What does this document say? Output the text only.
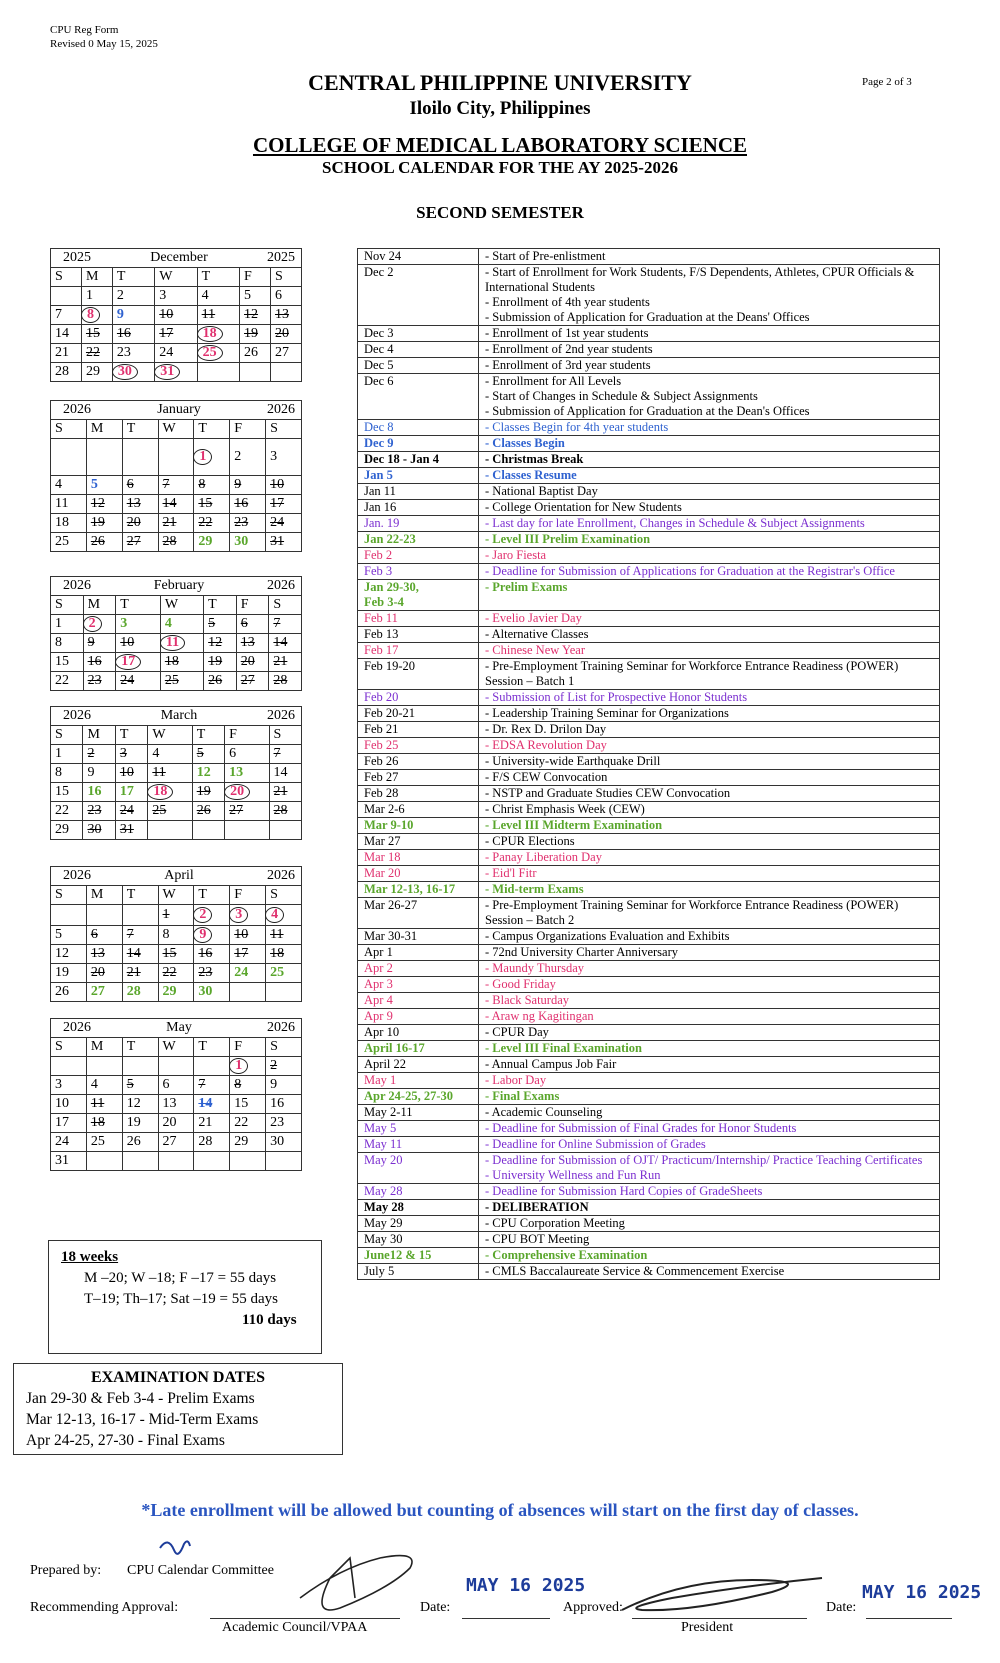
CPU Reg Form
Revised 0 May 15, 2025
Page 2 of 3
CENTRAL PHILIPPINE UNIVERSITY
Iloilo City, Philippines
COLLEGE OF MEDICAL LABORATORY SCIENCE
SCHOOL CALENDAR FOR THE AY 2025-2026
SECOND SEMESTER
2025 December 2025						

S	M	T	W	T	F	S
	1	2	3	4	5	6
7	8	9	10	11	12	13
14	15	16	17	18	19	20
21	22	23	24	25	26	27
28	29	30	31			
2026 January 2026						

S	M	T	W	T	F	S
				1	2	3
4	5	6	7	8	9	10
11	12	13	14	15	16	17
18	19	20	21	22	23	24
25	26	27	28	29	30	31
2026 February 2026						

S	M	T	W	T	F	S
1	2	3	4	5	6	7
8	9	10	11	12	13	14
15	16	17	18	19	20	21
22	23	24	25	26	27	28
2026 March 2026						

S	M	T	W	T	F	S
1	2	3	4	5	6	7
8	9	10	11	12	13	14
15	16	17	18	19	20	21
22	23	24	25	26	27	28
29	30	31				
2026 April 2026						

S	M	T	W	T	F	S
			1	2	3	4
5	6	7	8	9	10	11
12	13	14	15	16	17	18
19	20	21	22	23	24	25
26	27	28	29	30		
2026 May 2026						

S	M	T	W	T	F	S
					1	2
3	4	5	6	7	8	9
10	11	12	13	14	15	16
17	18	19	20	21	22	23
24	25	26	27	28	29	30
31						
Nov 24	- Start of Pre-enlistment
Dec 2	- Start of Enrollment for Work Students, F/S Dependents, Athletes, CPUR Officials & International Students
- Enrollment of 4th year students
- Submission of Application for Graduation at the Deans' Offices
Dec 3	- Enrollment of 1st year students
Dec 4	- Enrollment of 2nd year students
Dec 5	- Enrollment of 3rd year students
Dec 6	- Enrollment for All Levels
- Start of Changes in Schedule & Subject Assignments
- Submission of Application for Graduation at the Dean's Offices
Dec 8	- Classes Begin for 4th year students
Dec 9	- Classes Begin
Dec 18 - Jan 4	- Christmas Break
Jan 5	- Classes Resume
Jan 11	- National Baptist Day
Jan 16	- College Orientation for New Students
Jan. 19	- Last day for late Enrollment, Changes in Schedule & Subject Assignments
Jan 22-23	- Level III Prelim Examination
Feb 2	- Jaro Fiesta
Feb 3	- Deadline for Submission of Applications for Graduation at the Registrar's Office
Jan 29-30,
Feb 3-4	- Prelim Exams
Feb 11	- Evelio Javier Day
Feb 13	- Alternative Classes
Feb 17	- Chinese New Year
Feb 19-20	- Pre-Employment Training Seminar for Workforce Entrance Readiness (POWER) Session – Batch 1
Feb 20	- Submission of List for Prospective Honor Students
Feb 20-21	- Leadership Training Seminar for Organizations
Feb 21	- Dr. Rex D. Drilon Day
Feb 25	- EDSA Revolution Day
Feb 26	- University-wide Earthquake Drill
Feb 27	- F/S CEW Convocation
Feb 28	- NSTP and Graduate Studies CEW Convocation
Mar 2-6	- Christ Emphasis Week (CEW)
Mar 9-10	- Level III Midterm Examination
Mar 27	- CPUR Elections
Mar 18	- Panay Liberation Day
Mar 20	- Eid'l Fitr
Mar 12-13, 16-17	- Mid-term Exams
Mar 26-27	- Pre-Employment Training Seminar for Workforce Entrance Readiness (POWER) Session – Batch 2
Mar 30-31	- Campus Organizations Evaluation and Exhibits
Apr 1	- 72nd University Charter Anniversary
Apr 2	- Maundy Thursday
Apr 3	- Good Friday
Apr 4	- Black Saturday
Apr 9	- Araw ng Kagitingan
Apr 10	- CPUR Day
April 16-17	- Level III Final Examination
April 22	- Annual Campus Job Fair
May 1	- Labor Day
Apr 24-25, 27-30	- Final Exams
May 2-11	- Academic Counseling
May 5	- Deadline for Submission of Final Grades for Honor Students
May 11	- Deadline for Online Submission of Grades
May 20	- Deadline for Submission of OJT/ Practicum/Internship/ Practice Teaching Certificates
- University Wellness and Fun Run
May 28	- Deadline for Submission Hard Copies of GradeSheets
May 28	- DELIBERATION
May 29	- CPU Corporation Meeting
May 30	- CPU BOT Meeting
June12 & 15	- Comprehensive Examination
July 5	- CMLS Baccalaureate Service & Commencement Exercise
18 weeks
M –20; W –18; F –17 = 55 days
T–19; Th–17; Sat –19 = 55 days
110 days
EXAMINATION DATES
Jan 29-30 & Feb 3-4 - Prelim Exams
Mar 12-13, 16-17 - Mid-Term Exams
Apr 24-25, 27-30 - Final Exams
*Late enrollment will be allowed but counting of absences will start on the first day of classes.
Prepared by: CPU Calendar Committee
Recommending Approval:
Academic Council/VPAA
Date:	Approved:
President
Date:
MAY 16 2025	MAY 16 2025
